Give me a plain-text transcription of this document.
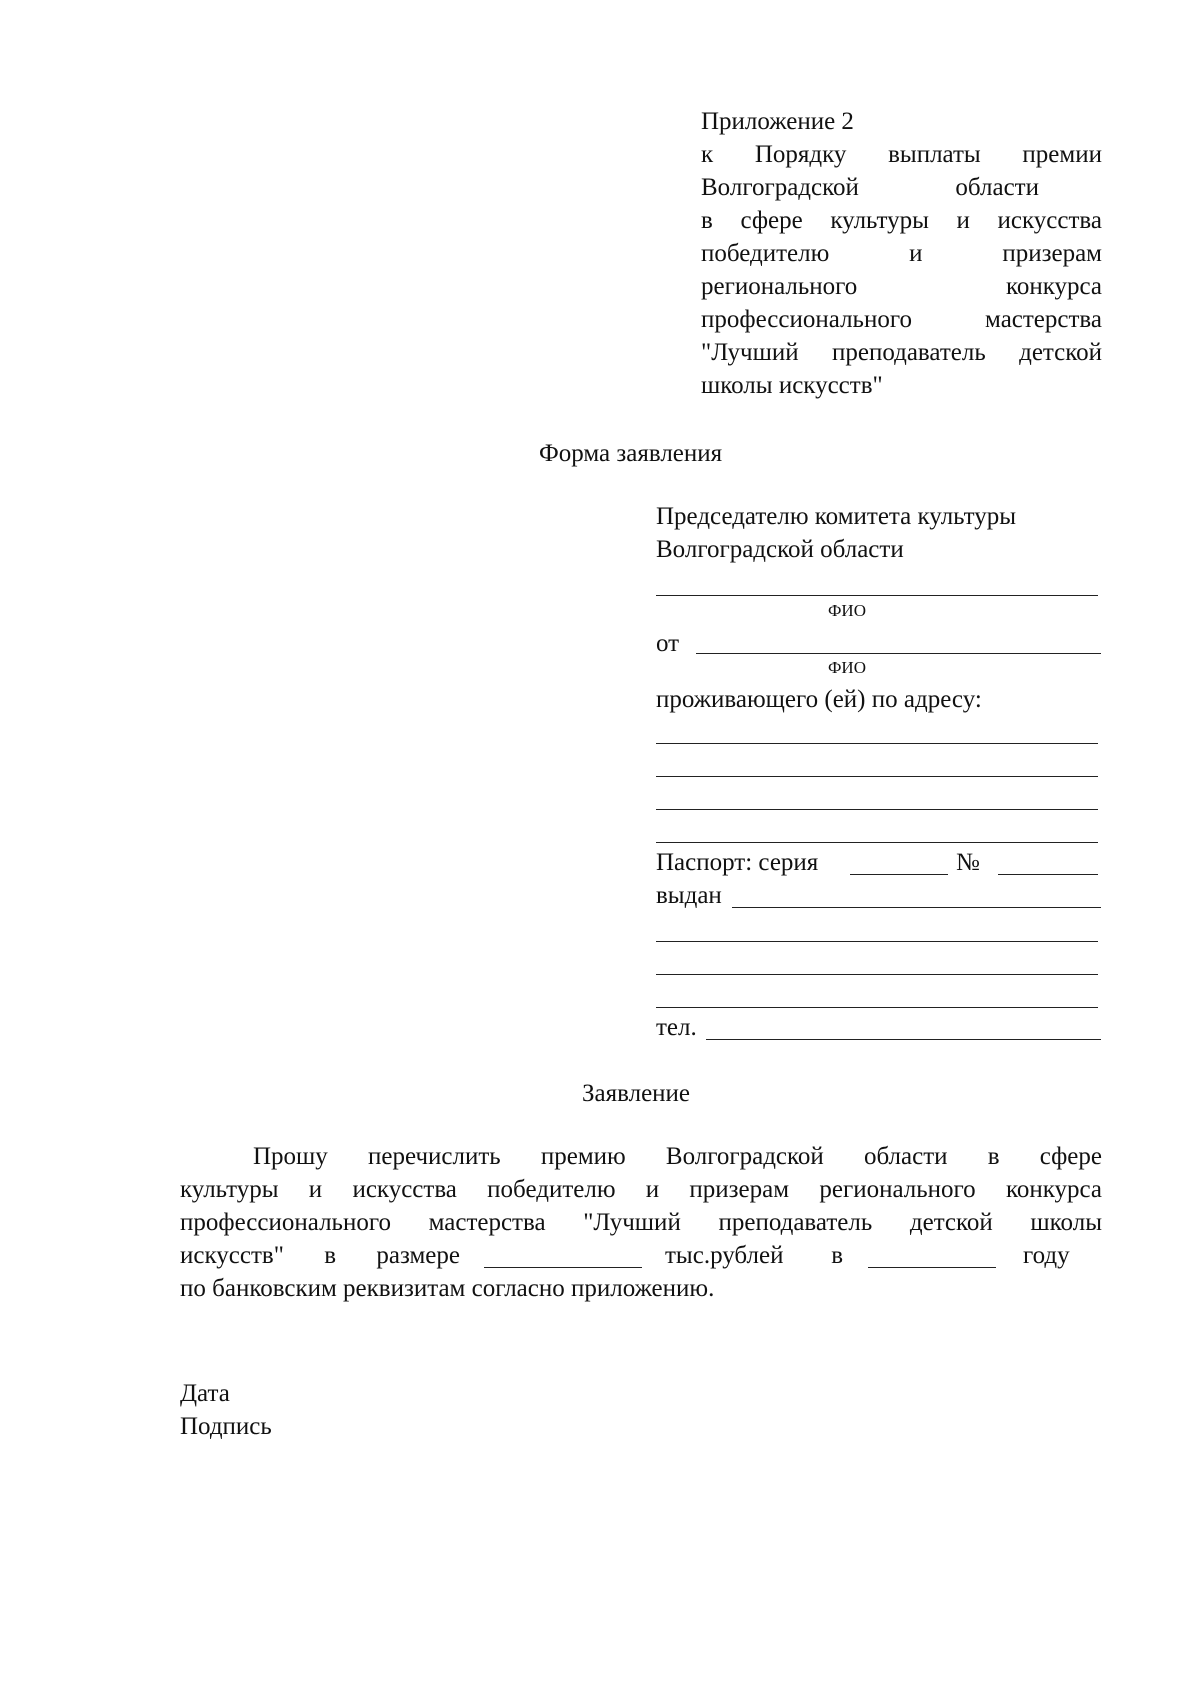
Приложение 2
к Порядку выплаты премии
Волгоградской области
в сфере культуры и искусства
победителю и призерам
регионального конкурса
профессионального мастерства
"Лучший преподаватель детской
школы искусств"
Форма заявления
Председателю комитета культуры
Волгоградской области
ФИО
от
ФИО
проживающего (ей) по адресу:
Паспорт: серия	№
выдан
тел.
Заявление
Прошу перечислить премию Волгоградской области в сфере
культуры и искусства победителю и призерам регионального конкурса
профессионального мастерства "Лучший преподаватель детской школы
искусств" в размере	тыс.рублей в	году
по банковским реквизитам согласно приложению.
Дата
Подпись
